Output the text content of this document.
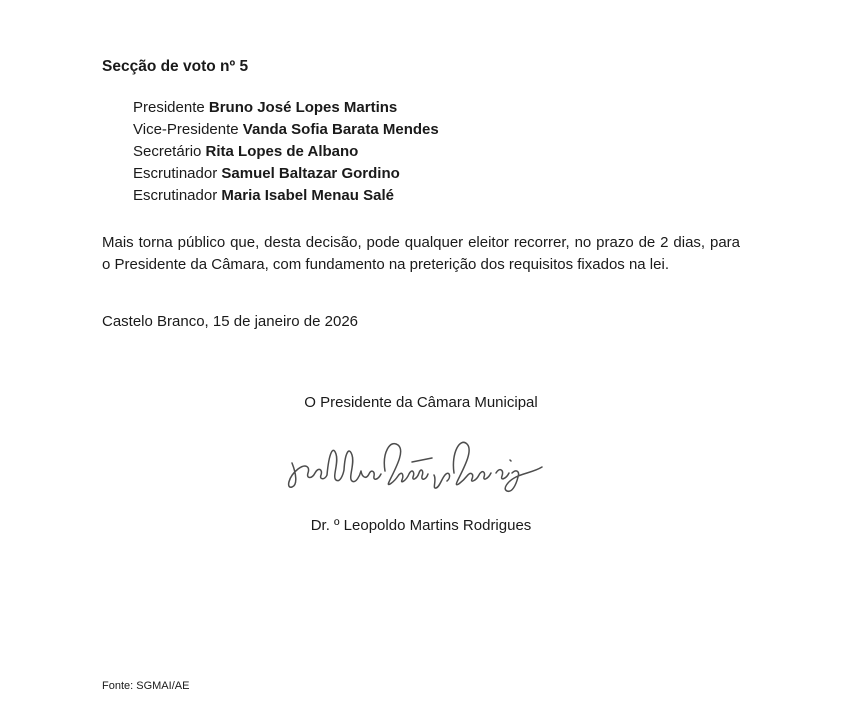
Secção de voto nº 5
Presidente Bruno José Lopes Martins
Vice-Presidente Vanda Sofia Barata Mendes
Secretário Rita Lopes de Albano
Escrutinador Samuel Baltazar Gordino
Escrutinador Maria Isabel Menau Salé

Mais torna público que, desta decisão, pode qualquer eleitor recorrer, no prazo de 2 dias, para o Presidente da Câmara, com fundamento na preterição dos requisitos fixados na lei.

Castelo Branco, 15 de janeiro de 2026

O Presidente da Câmara Municipal

Dr. º Leopoldo Martins Rodrigues

Fonte: SGMAI/AE
